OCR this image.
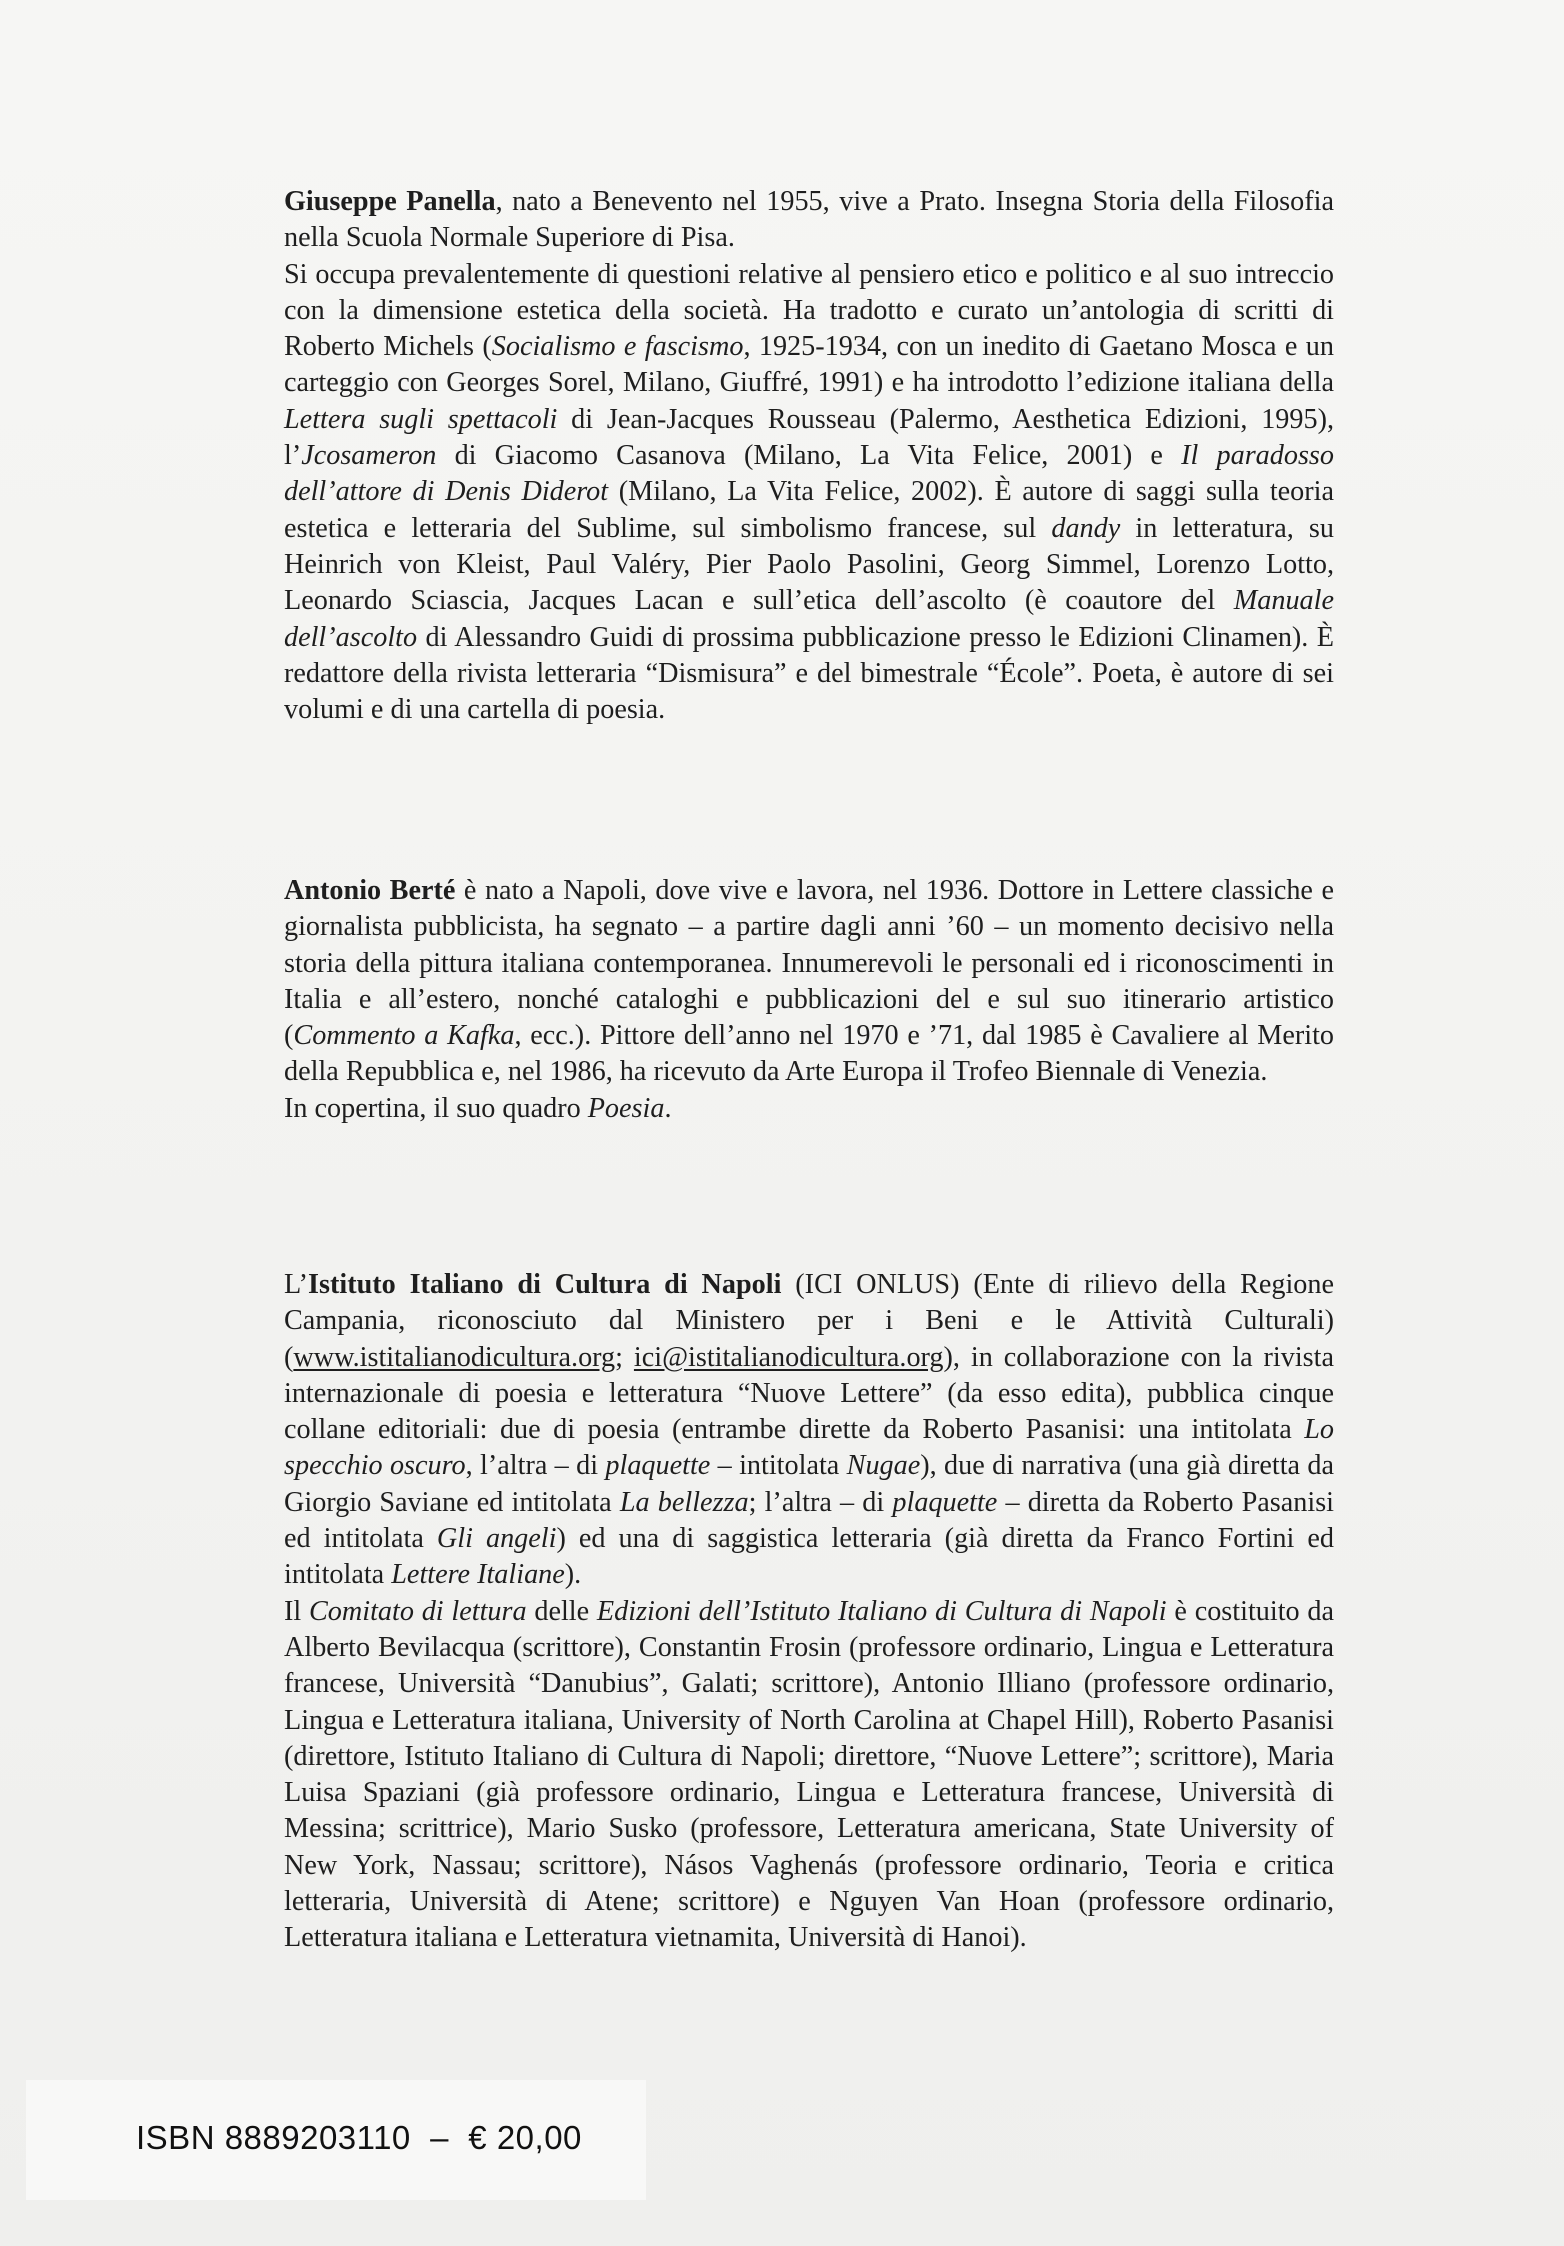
Giuseppe Panella, nato a Benevento nel 1955, vive a Prato. Insegna Storia della Filosofia nella Scuola Normale Superiore di Pisa.

Si occupa prevalentemente di questioni relative al pensiero etico e politico e al suo intreccio con la dimensione estetica della società. Ha tradotto e curato un’antologia di scritti di Roberto Michels (Socialismo e fascismo, 1925-1934, con un inedito di Gaetano Mosca e un carteggio con Georges Sorel, Milano, Giuffré, 1991) e ha introdotto l’edizione italiana della Lettera sugli spettacoli di Jean-Jacques Rousseau (Palermo, Aesthetica Edizioni, 1995), l’Jcosameron di Giacomo Casanova (Milano, La Vita Felice, 2001) e Il paradosso dell’attore di Denis Diderot (Milano, La Vita Felice, 2002). È autore di saggi sulla teoria estetica e letteraria del Sublime, sul simbolismo francese, sul dandy in letteratura, su Heinrich von Kleist, Paul Valéry, Pier Paolo Pasolini, Georg Simmel, Lorenzo Lotto, Leonardo Sciascia, Jacques Lacan e sull’etica dell’ascolto (è coautore del Manuale dell’ascolto di Alessandro Guidi di prossima pubblicazione presso le Edizioni Clinamen). È redattore della rivista letteraria “Dismisura” e del bimestrale “École”. Poeta, è autore di sei volumi e di una cartella di poesia.

Antonio Berté è nato a Napoli, dove vive e lavora, nel 1936. Dottore in Lettere classiche e giornalista pubblicista, ha segnato – a partire dagli anni ’60 – un momento decisivo nella storia della pittura italiana contemporanea. Innumerevoli le personali ed i riconoscimenti in Italia e all’estero, nonché cataloghi e pubblicazioni del e sul suo itinerario artistico (Commento a Kafka, ecc.). Pittore dell’anno nel 1970 e ’71, dal 1985 è Cavaliere al Merito della Repubblica e, nel 1986, ha ricevuto da Arte Europa il Trofeo Biennale di Venezia.

In copertina, il suo quadro Poesia.

L’Istituto Italiano di Cultura di Napoli (ICI ONLUS) (Ente di rilievo della Regione Campania, riconosciuto dal Ministero per i Beni e le Attività Culturali) (www.istitalianodicultura.org; ici@istitalianodicultura.org), in collaborazione con la rivista internazionale di poesia e letteratura “Nuove Lettere” (da esso edita), pubblica cinque collane editoriali: due di poesia (entrambe dirette da Roberto Pasanisi: una intitolata Lo specchio oscuro, l’altra – di plaquette – intitolata Nugae), due di narrativa (una già diretta da Giorgio Saviane ed intitolata La bellezza; l’altra – di plaquette – diretta da Roberto Pasanisi ed intitolata Gli angeli) ed una di saggistica letteraria (già diretta da Franco Fortini ed intitolata Lettere Italiane).

Il Comitato di lettura delle Edizioni dell’Istituto Italiano di Cultura di Napoli è costituito da Alberto Bevilacqua (scrittore), Constantin Frosin (professore ordinario, Lingua e Letteratura francese, Università “Danubius”, Galati; scrittore), Antonio Illiano (professore ordinario, Lingua e Letteratura italiana, University of North Carolina at Chapel Hill), Roberto Pasanisi (direttore, Istituto Italiano di Cultura di Napoli; direttore, “Nuove Lettere”; scrittore), Maria Luisa Spaziani (già professore ordinario, Lingua e Letteratura francese, Università di Messina; scrittrice), Mario Susko (professore, Letteratura americana, State University of New York, Nassau; scrittore), Násos Vaghenás (professore ordinario, Teoria e critica letteraria, Università di Atene; scrittore) e Nguyen Van Hoan (professore ordinario, Letteratura italiana e Letteratura vietnamita, Università di Hanoi).

ISBN 8889203110  –  € 20,00
